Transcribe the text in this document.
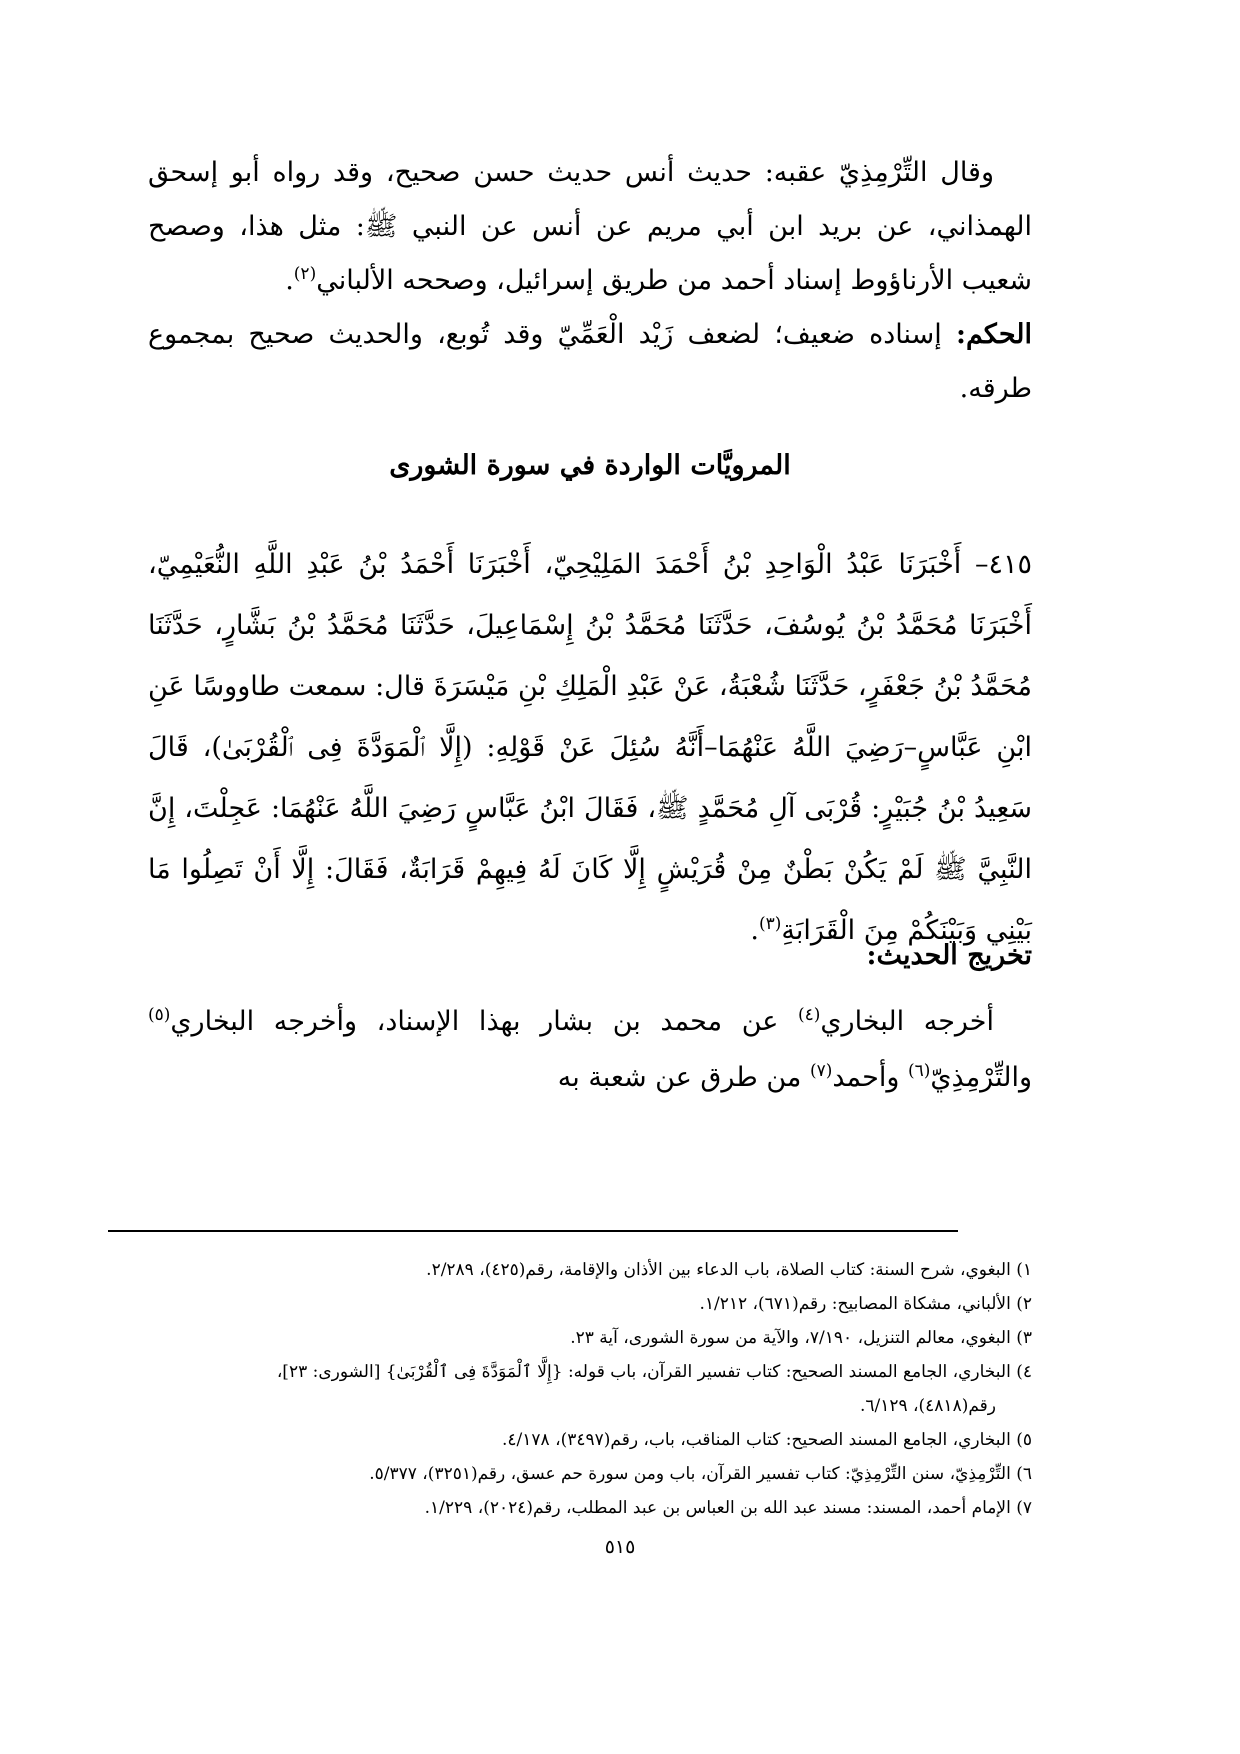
وقال التِّرْمِذِيّ عقبه: حديث أنس حديث حسن صحيح، وقد رواه أبو إسحق الهمذاني، عن بريد ابن أبي مريم عن أنس عن النبي ﷺ: مثل هذا، وصصح شعيب الأرناؤوط إسناد أحمد من طريق إسرائيل، وصححه الألباني$^{(٢)}$.

الحكم: إسناده ضعيف؛ لضعف زَيْد الْعَمِّيّ وقد تُوبع، والحديث صحيح بمجموع طرقه.

المرويَّات الواردة في سورة الشورى
٤١٥– أَخْبَرَنَا عَبْدُ الْوَاحِدِ بْنُ أَحْمَدَ المَلِيْحِيّ، أَخْبَرَنَا أَحْمَدُ بْنُ عَبْدِ اللَّهِ النُّعَيْمِيّ، أَخْبَرَنَا مُحَمَّدُ بْنُ يُوسُفَ، حَدَّثَنَا مُحَمَّدُ بْنُ إِسْمَاعِيلَ، حَدَّثَنَا مُحَمَّدُ بْنُ بَشَّارٍ، حَدَّثَنَا مُحَمَّدُ بْنُ جَعْفَرٍ، حَدَّثَنَا شُعْبَةُ، عَنْ عَبْدِ الْمَلِكِ بْنِ مَيْسَرَةَ قال: سمعت طاووسًا عَنِ ابْنِ عَبَّاسٍ–رَضِيَ اللَّهُ عَنْهُمَا–أَنَّهُ سُئِلَ عَنْ قَوْلِهِ: (إِلَّا ٱلْمَوَدَّةَ فِى ٱلْقُرْبَىٰ)، قَالَ سَعِيدُ بْنُ جُبَيْرٍ: قُرْبَى آلِ مُحَمَّدٍ ﷺ، فَقَالَ ابْنُ عَبَّاسٍ رَضِيَ اللَّهُ عَنْهُمَا: عَجِلْتَ، إِنَّ النَّبِيَّ ﷺ لَمْ يَكُنْ بَطْنٌ مِنْ قُرَيْشٍ إِلَّا كَانَ لَهُ فِيهِمْ قَرَابَةٌ، فَقَالَ: إِلَّا أَنْ تَصِلُوا مَا بَيْنِي وَبَيْنَكُمْ مِنَ الْقَرَابَةِ$^{(٣)}$.
تخريج الحديث:

أخرجه البخاري$^{(٤)}$ عن محمد بن بشار بهذا الإسناد، وأخرجه البخاري$^{(٥)}$ والتِّرْمِذِيّ$^{(٦)}$ وأحمد$^{(٧)}$ من طرق عن شعبة به

١) البغوي، شرح السنة: كتاب الصلاة، باب الدعاء بين الأذان والإقامة، رقم(٤٢٥)، ٢/٢٨٩.

٢) الألباني، مشكاة المصابيح: رقم(٦٧١)، ١/٢١٢.

٣) البغوي، معالم التنزيل، ٧/١٩٠، والآية من سورة الشورى، آية ٢٣.

٤) البخاري، الجامع المسند الصحيح: كتاب تفسير القرآن، باب قوله: {إِلَّا ٱلْمَوَدَّةَ فِى ٱلْقُرْبَىٰ} [الشورى: ٢٣]،

رقم(٤٨١٨)، ٦/١٢٩.

٥) البخاري، الجامع المسند الصحيح: كتاب المناقب، باب، رقم(٣٤٩٧)، ٤/١٧٨.

٦) التِّرْمِذِيّ، سنن التِّرْمِذِيّ: كتاب تفسير القرآن، باب ومن سورة حم عسق، رقم(٣٢٥١)، ٥/٣٧٧.

٧) الإمام أحمد، المسند: مسند عبد الله بن العباس بن عبد المطلب، رقم(٢٠٢٤)، ١/٢٢٩.

٥١٥
